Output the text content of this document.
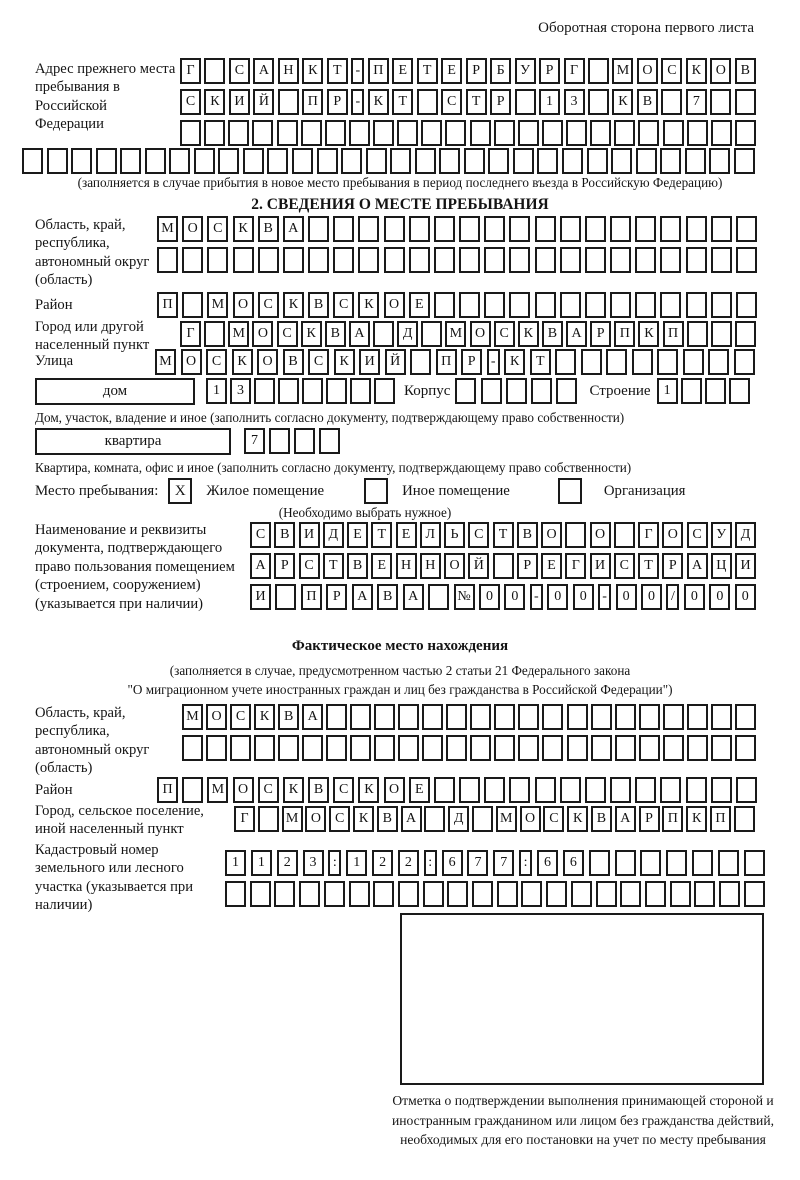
Оборотная сторона первого листа
Адрес прежнего места пребывания в Российской Федерации
Г	С	А	Н	К	Т - П	Е	Т	Е	Р	Б	У	Р	Г	М О	С	К	О	В
С	К	И	Й	П	Р	- К	Т	С	Т	Р	1	3	К	В	7
(заполняется в случае прибытия в новое место пребывания в период последнего въезда в Российскую Федерацию)
2. СВЕДЕНИЯ О МЕСТЕ ПРЕБЫВАНИЯ
Область, край, республика, автономный округ (область)
М О	С	К	В	А
Район	П	М О	С	К	В	С	К	О	Е
Город или другой населенный пункт
Г	М О	С	К	В	А	Д	М О	С	К	В	А	Р	П	К	П
Улица	М	О	С	К	О	В	С	К	И	Й	П	Р	-	К	Т
дом	1	3	Корпус	Строение 1
Дом, участок, владение и иное (заполнить согласно документу, подтверждающему право собственности)
квартира	7
Квартира, комната, офис и иное (заполнить согласно документу, подтверждающему право собственности)
Место пребывания:	X	Жилое помещение	Иное помещение	Организация
(Необходимо выбрать нужное)
Наименование и реквизиты документа, подтверждающего право пользования помещением (строением, сооружением) (указывается при наличии)
С	В	И	Д	Е	Т	Е	Л	Ь	С	Т	В	О	О	Г	О	С	У	Д
А	Р	С	Т	В	Е	Н	Н	О	Й	Р	Е	Г	И	С	Т	Р	А	Ц	И
И	П	Р	А	В	А	№	0	0	-	0	0	-	0	0	/	0	0	0
Фактическое место нахождения
(заполняется в случае, предусмотренном частью 2 статьи 21 Федерального закона
"О миграционном учете иностранных граждан и лиц без гражданства в Российской Федерации")
Область, край, республика, автономный округ (область)
М О	С	К	В	А
Район	П	М О	С	К	В	С	К	О	Е
Город, сельское поселение, иной населенный пункт
Г	М О	С	К	В	А	Д	М О	С	К	В	А	Р	П	К	П
Кадастровый номер земельного или лесного участка (указывается при наличии)
1	1	2	3	:	1	2	2	:	6	7	7	:	6	6
Отметка о подтверждении выполнения принимающей стороной и иностранным гражданином или лицом без гражданства действий, необходимых для его постановки на учет по месту пребывания
